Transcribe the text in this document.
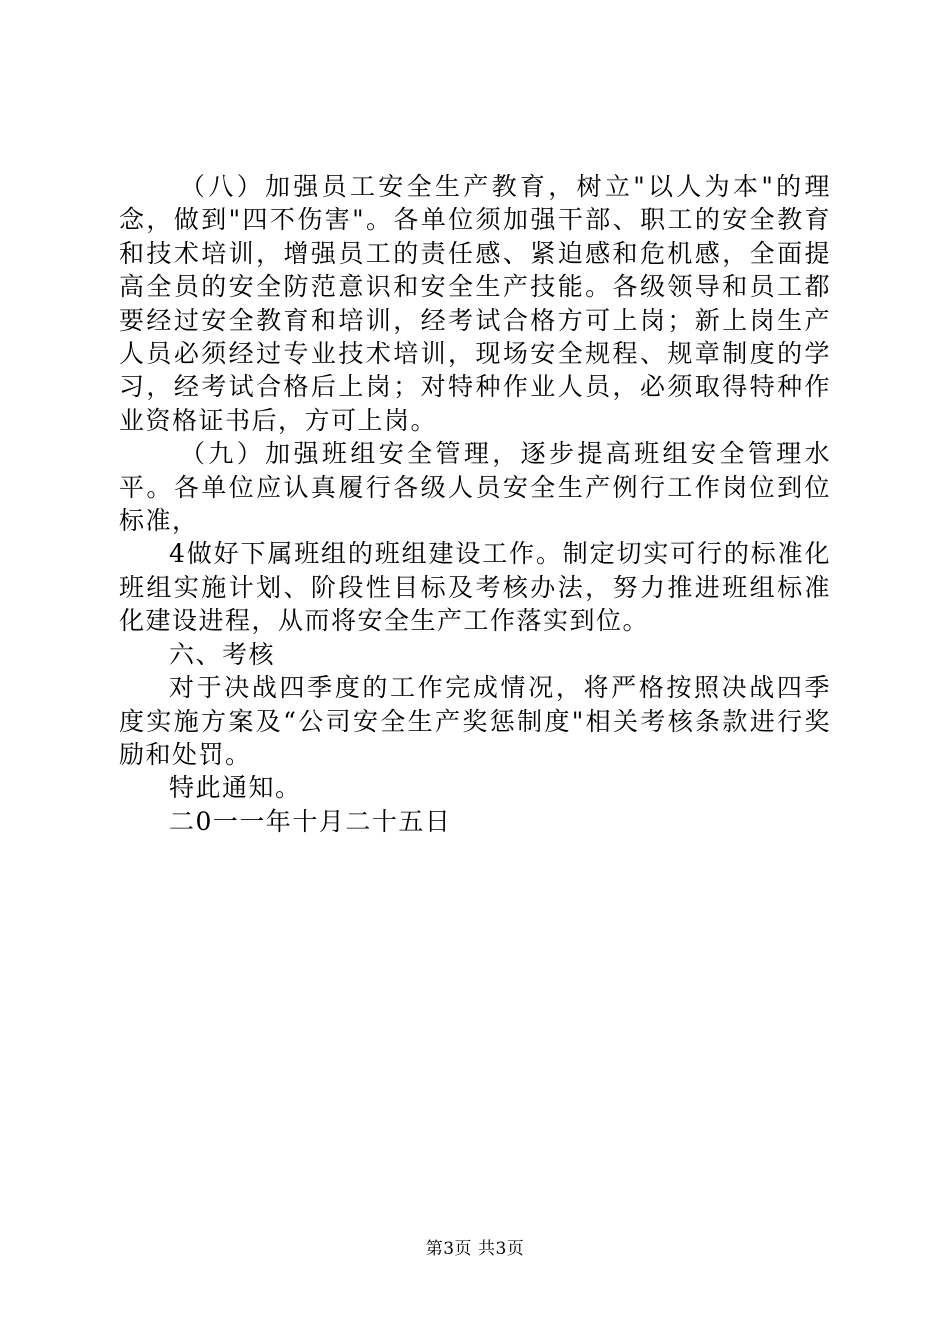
（八）加强员工安全生产教育，树立"以人为本"的理念，做到"四不伤害"。各单位须加强干部、职工的安全教育和技术培训，增强员工的责任感、紧迫感和危机感，全面提高全员的安全防范意识和安全生产技能。各级领导和员工都要经过安全教育和培训，经考试合格方可上岗；新上岗生产人员必须经过专业技术培训，现场安全规程、规章制度的学习，经考试合格后上岗；对特种作业人员，必须取得特种作业资格证书后，方可上岗。

（九）加强班组安全管理，逐步提高班组安全管理水平。各单位应认真履行各级人员安全生产例行工作岗位到位标准，

4做好下属班组的班组建设工作。制定切实可行的标准化班组实施计划、阶段性目标及考核办法，努力推进班组标准化建设进程，从而将安全生产工作落实到位。

六、考核

对于决战四季度的工作完成情况，将严格按照决战四季度实施方案及“公司安全生产奖惩制度"相关考核条款进行奖励和处罚。

特此通知。

二0一一年十月二十五日

第3页 共3页
